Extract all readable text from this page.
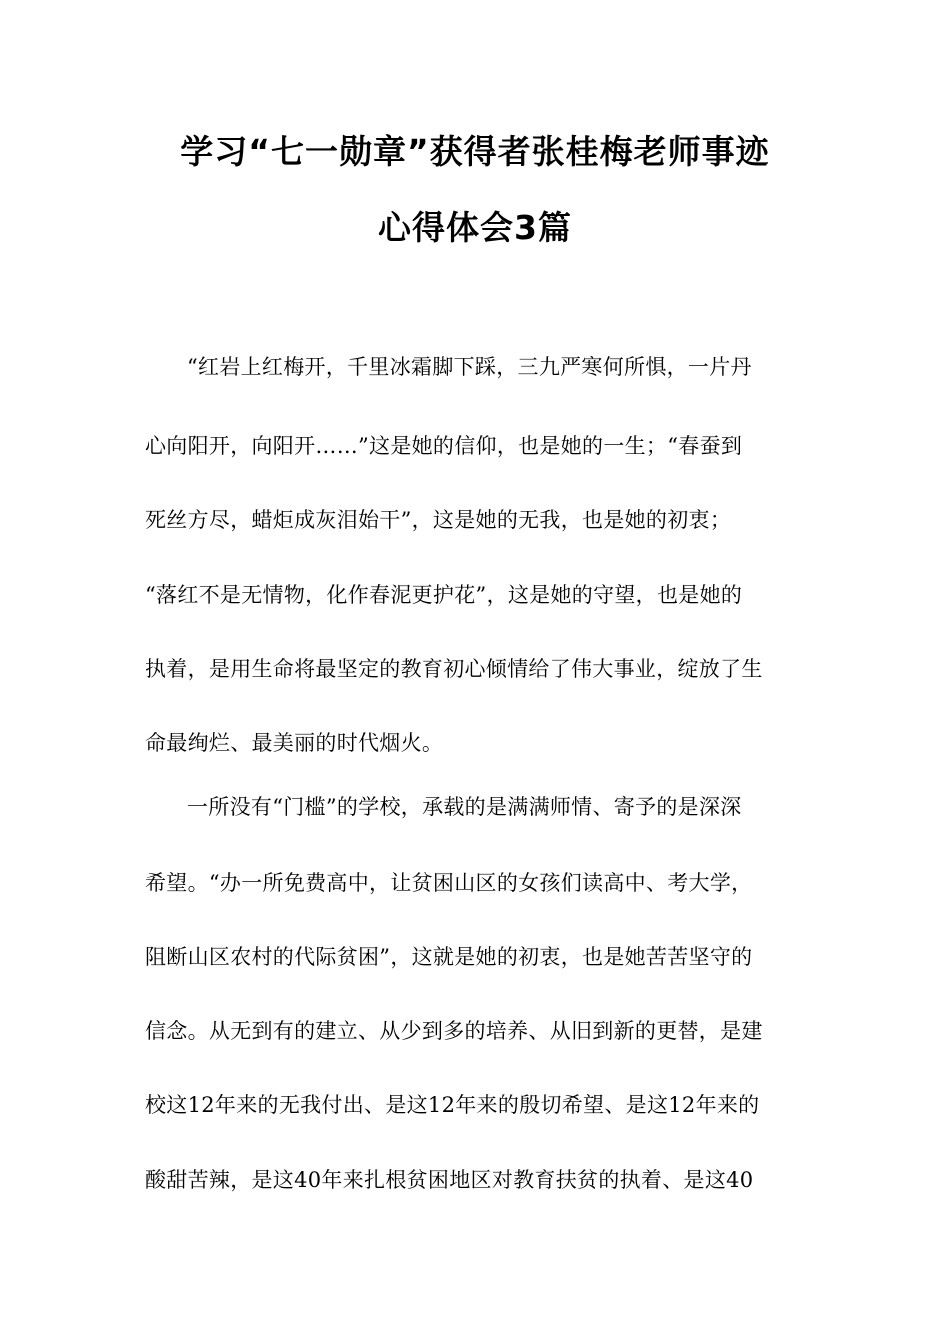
学习“七一勋章”获得者张桂梅老师事迹
心得体会3篇
“红岩上红梅开，千里冰霜脚下踩，三九严寒何所惧，一片丹
心向阳开，向阳开……”这是她的信仰，也是她的一生；“春蚕到
死丝方尽，蜡炬成灰泪始干”，这是她的无我，也是她的初衷；
“落红不是无情物，化作春泥更护花”，这是她的守望，也是她的
执着，是用生命将最坚定的教育初心倾情给了伟大事业，绽放了生
命最绚烂、最美丽的时代烟火。
一所没有“门槛”的学校，承载的是满满师情、寄予的是深深
希望。“办一所免费高中，让贫困山区的女孩们读高中、考大学，
阻断山区农村的代际贫困”，这就是她的初衷，也是她苦苦坚守的
信念。从无到有的建立、从少到多的培养、从旧到新的更替，是建
校这12年来的无我付出、是这12年来的殷切希望、是这12年来的
酸甜苦辣，是这40年来扎根贫困地区对教育扶贫的执着、是这40
